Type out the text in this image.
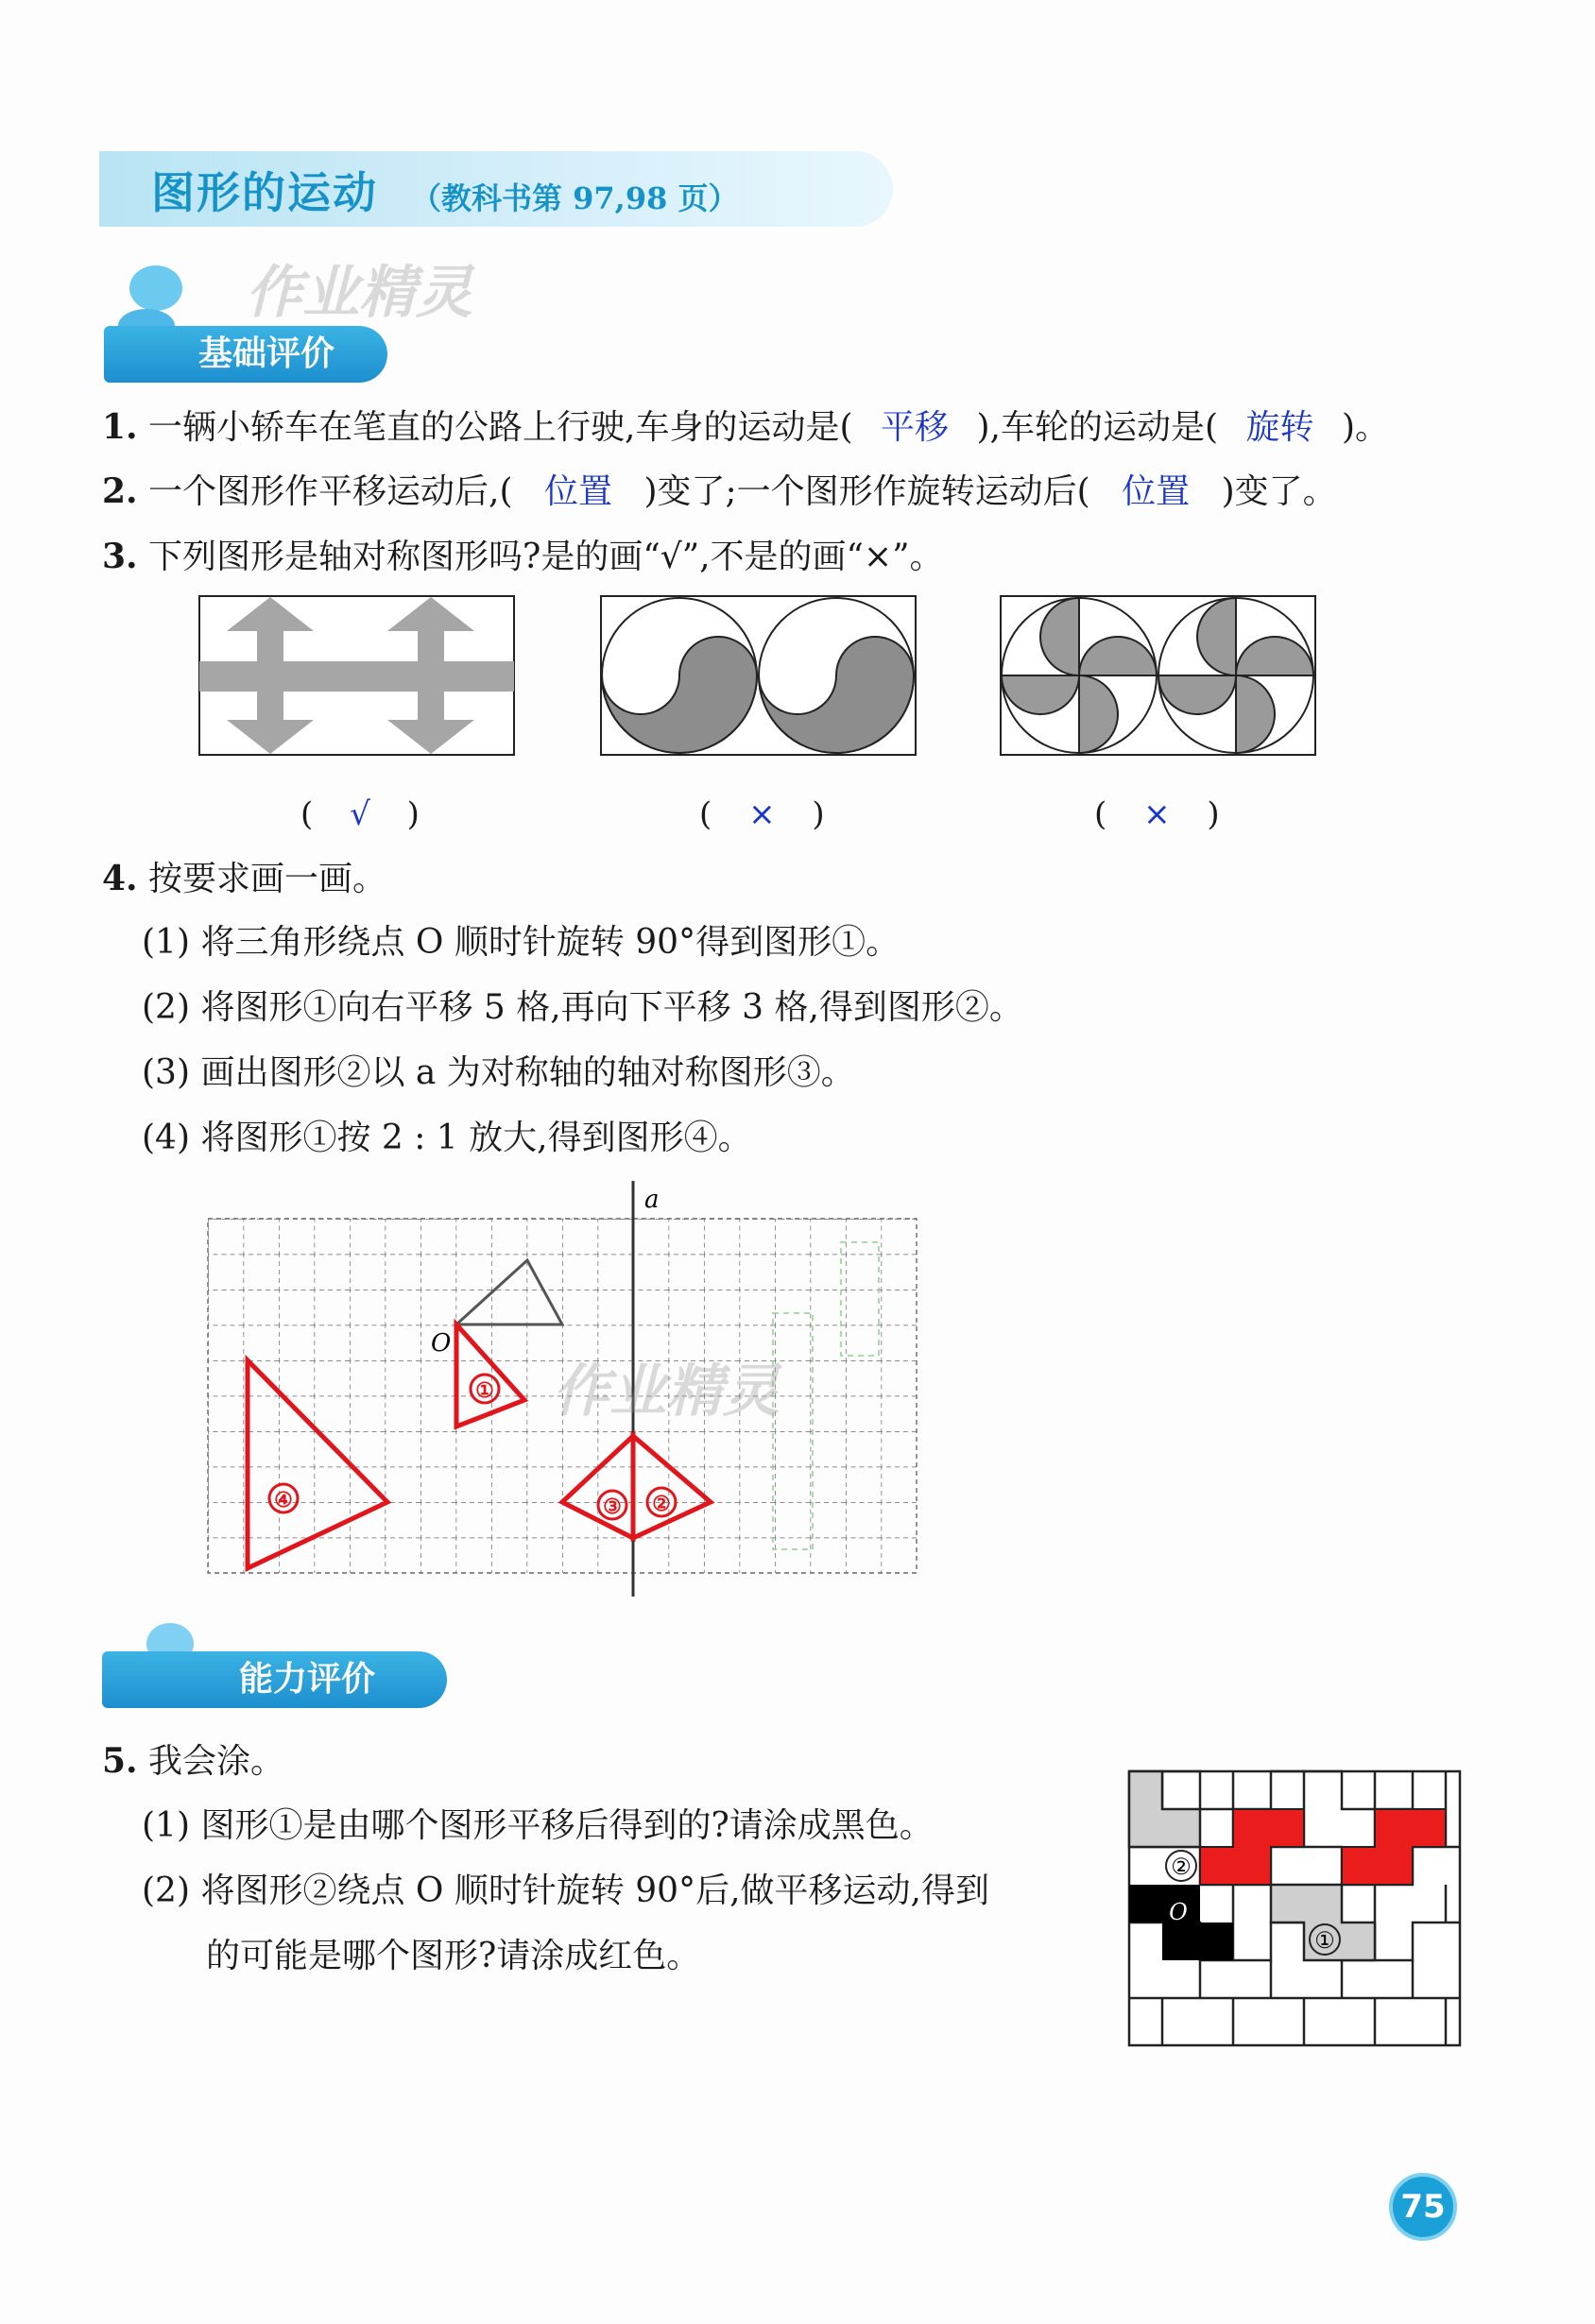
图形的运动 （教科书第 97,98 页）
作业精灵
基础评价
1. 一辆小轿车在笔直的公路上行驶,车身的运动是( 平移 ),车轮的运动是( 旋转 )。
2. 一个图形作平移运动后,( 位置 )变了;一个图形作旋转运动后( 位置 )变了。
3. 下列图形是轴对称图形吗?是的画“√”,不是的画“×”。
( √ )	( × )	( × )
4. 按要求画一画。
(1) 将三角形绕点 O 顺时针旋转 90°得到图形①。
(2) 将图形①向右平移 5 格,再向下平移 3 格,得到图形②。
(3) 画出图形②以 a 为对称轴的轴对称图形③。
(4) 将图形①按 2 : 1 放大,得到图形④。
a
O
①
②
③
④
作业精灵
能力评价
5. 我会涂。
(1) 图形①是由哪个图形平移后得到的?请涂成黑色。
(2) 将图形②绕点 O 顺时针旋转 90°后,做平移运动,得到
的可能是哪个图形?请涂成红色。
②
O
①
75
